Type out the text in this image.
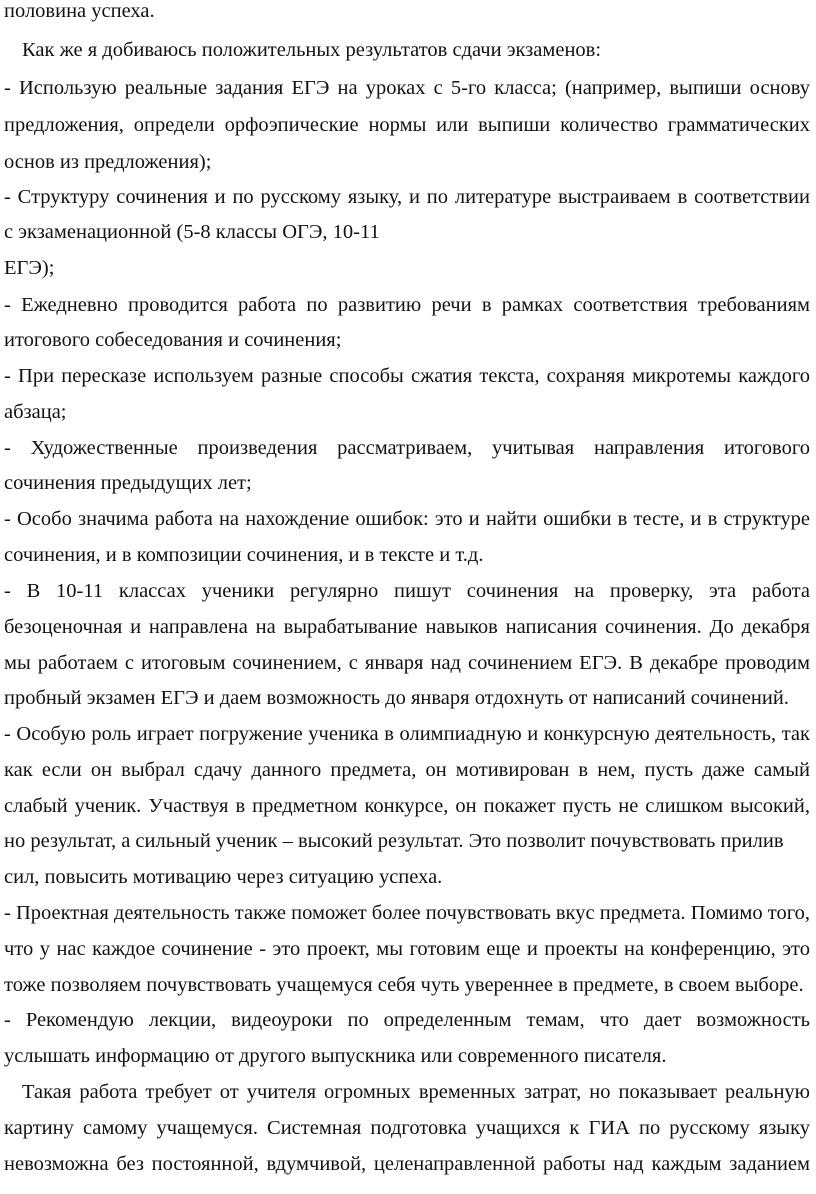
половина успеха.

Как же я добиваюсь положительных результатов сдачи экзаменов:

- Использую реальные задания ЕГЭ на уроках с 5-го класса; (например, выпиши основу

предложения, определи орфоэпические нормы или выпиши количество грамматических

основ из предложения);

- Структуру сочинения и по русскому языку, и по литературе выстраиваем в соответствии

с экзаменационной (5-8 классы ОГЭ, 10-11

ЕГЭ);

- Ежедневно проводится работа по развитию речи в рамках соответствия требованиям

итогового собеседования и сочинения;

- При пересказе используем разные способы сжатия текста, сохраняя микротемы каждого

абзаца;

- Художественные произведения рассматриваем, учитывая направления итогового

сочинения предыдущих лет;

- Особо значима работа на нахождение ошибок: это и найти ошибки в тесте, и в структуре

сочинения, и в композиции сочинения, и в тексте и т.д.

- В 10-11 классах ученики регулярно пишут сочинения на проверку, эта работа

безоценочная и направлена на вырабатывание навыков написания сочинения. До декабря

мы работаем с итоговым сочинением, с января над сочинением ЕГЭ. В декабре проводим

пробный экзамен ЕГЭ и даем возможность до января отдохнуть от написаний сочинений.

- Особую роль играет погружение ученика в олимпиадную и конкурсную деятельность, так

как если он выбрал сдачу данного предмета, он мотивирован в нем, пусть даже самый

слабый ученик. Участвуя в предметном конкурсе, он покажет пусть не слишком высокий,

но результат, а сильный ученик – высокий результат. Это позволит почувствовать прилив

сил, повысить мотивацию через ситуацию успеха.

- Проектная деятельность также поможет более почувствовать вкус предмета. Помимо того,

что у нас каждое сочинение - это проект, мы готовим еще и проекты на конференцию, это

тоже позволяем почувствовать учащемуся себя чуть увереннее в предмете, в своем выборе.

- Рекомендую лекции, видеоуроки по определенным темам, что дает возможность

услышать информацию от другого выпускника или современного писателя.

Такая работа требует от учителя огромных временных затрат, но показывает реальную

картину самому учащемуся. Системная подготовка учащихся к ГИА по русскому языку

невозможна без постоянной, вдумчивой, целенаправленной работы над каждым заданием
